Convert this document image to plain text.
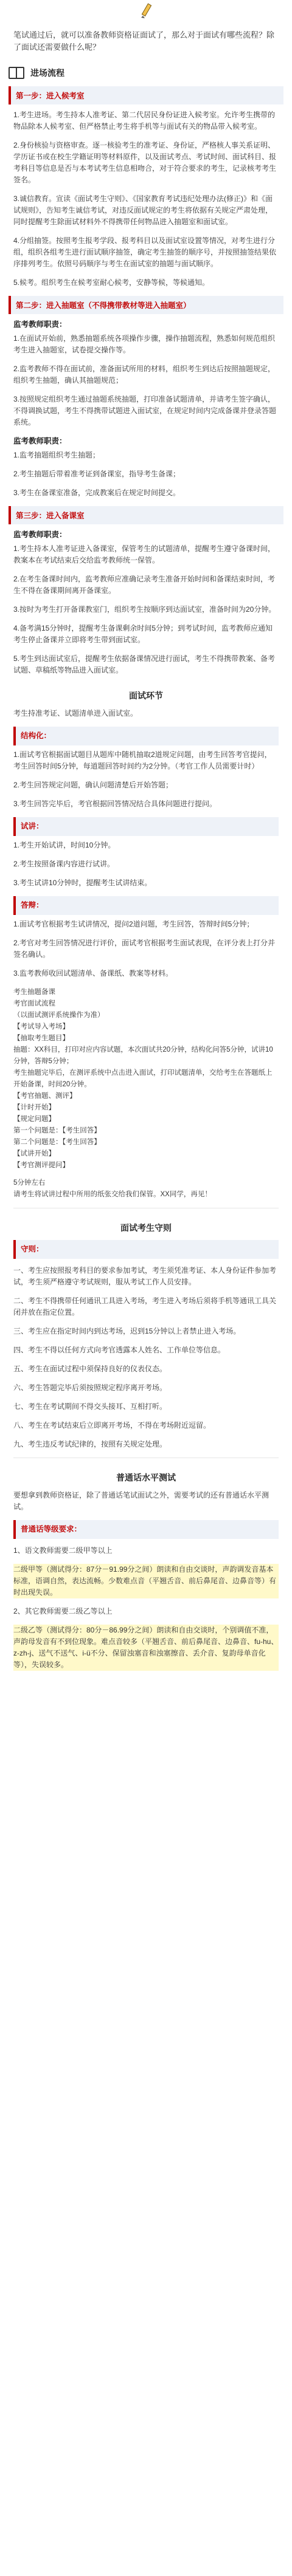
笔试通过后，就可以准备教师资格证面试了，那么对于面试有哪些流程？除了面试还需要做什么呢？
进场流程
第一步：进入候考室

1.考生进场。考生持本人准考证、第二代居民身份证进入候考室。允许考生携带的物品除本人候考室、但严格禁止考生将手机等与面试有关的物品带入候考室。

2.身份核验与资格审查。逐一核验考生的准考证、身份证，严格核人事关系证明、学历证书或在校生学籍证明等材料原件，以及面试考点、考试时间、面试科目、报考科目等信息是否与本考试考生信息相吻合，对于符合要求的考生，记录核考考生签名。

3.诚信教育。宣读《面试考生守则》、《国家教育考试违纪处理办法(修正)》和《面试规则》，告知考生诚信考试，对违反面试规定的考生将依据有关规定严肃处理，同时提醒考生除面试材料外不得携带任何物品进入抽题室和面试室。

4.分组抽签。按照考生报考学段、报考科目以及面试室设置等情况，对考生进行分组，组织各组考生进行面试顺序抽签，确定考生抽签的顺序号，并按照抽签结果依序排列考生。依照号码顺序与考生在面试室的抽题与面试顺序。

5.候考。组织考生在候考室耐心候考，安静等候，等候通知。

第二步：进入抽题室（不得携带教材等进入抽题室）
监考教师职责：

1.在面试开始前，熟悉抽题系统各项操作步骤，操作抽题流程，熟悉如何规范组织考生进入抽题室，试卷提交操作等。

2.监考教师不得在面试前，准备面试所用的材料，组织考生到达后按照抽题规定，组织考生抽题，确认其抽题规范；

3.按照规定组织考生通过抽题系统抽题，打印准备试题清单，并请考生签字确认，不得调换试题，考生不得携带试题进入面试室，在规定时间内完成备课并登录答题系统。

监考教师职责：

1.监考抽题组织考生抽题；

2.考生抽题后带着准考证到备课室，指导考生备课；

3.考生在备课室准备，完成教案后在规定时间提交。

第三步：进入备课室
监考教师职责：

1.考生持本人准考证进入备课室，保管考生的试题清单，提醒考生遵守备课时间，教案本在考试结束后交给监考教师统一保管。

2.在考生备课时间内，监考教师应准确记录考生准备开始时间和备课结束时间，考生不得在备课期间离开备课室。

3.按时为考生打开备课教室门，组织考生按顺序到达面试室，准备时间为20分钟。

4.备考满15分钟时，提醒考生备课剩余时间5分钟；到考试时间，监考教师应通知考生停止备课并立即将考生带到面试室。

5.考生到达面试室后，提醒考生依据备课情况进行面试，考生不得携带教案、备考试题、草稿纸等物品进入面试室。

面试环节

考生持准考证、试题清单进入面试室。

结构化：

1.面试考官根据面试题目从题库中随机抽取2道规定问题，由考生回答考官提问，考生回答时间5分钟，每道题回答时间约为2分钟。（考官工作人员需要计时）

2.考生回答规定问题，确认问题清楚后开始答题；

3.考生回答完毕后，考官根据回答情况结合具体问题进行提问。

试讲：

1.考生开始试讲，时间10分钟。

2.考生按照备课内容进行试讲。

3.考生试讲10分钟时，提醒考生试讲结束。

答辩：

1.面试考官根据考生试讲情况，提问2道问题，考生回答，答辩时间5分钟；

2.考官对考生回答情况进行评价，面试考官根据考生面试表现，在评分表上打分并签名确认。

3.监考教师收回试题清单、备课纸、教案等材料。

考生抽题备课
考官面试流程
（以面试测评系统操作为准）
【考试导入考场】
【抽取考生题目】
抽题：XX科目，打印对应内容试题，本次面试共20分钟，结构化问答5分钟，试讲10分钟，答辩5分钟；
考生抽题完毕后，在测评系统中点击进入面试，打印试题清单，交给考生在答题纸上开始备课，时间20分钟。
【考官抽题、测评】
【计时开始】
【规定问题】
第一个问题是：【考生回答】
第二个问题是：【考生回答】
【试讲开始】
【考官测评提问】
5分钟左右
请考生将试讲过程中所用的纸张交给我们保管。XX同学，再见！
面试考生守则
守则：

一、考生应按照报考科目的要求参加考试，考生须凭准考证、本人身份证件参加考试，考生须严格遵守考试规则，服从考试工作人员安排。

二、考生不得携带任何通讯工具进入考场，考生进入考场后须将手机等通讯工具关闭并放在指定位置。

三、考生应在指定时间内到达考场，迟到15分钟以上者禁止进入考场。

四、考生不得以任何方式向考官透露本人姓名、工作单位等信息。

五、考生在面试过程中须保持良好的仪表仪态。

六、考生答题完毕后须按照规定程序离开考场。

七、考生在考试期间不得交头接耳、互相打听。

八、考生在考试结束后立即离开考场，不得在考场附近逗留。

九、考生违反考试纪律的，按照有关规定处理。

普通话水平测试

要想拿到教师资格证，除了普通话笔试面试之外，需要考试的还有普通话水平测试。

普通话等级要求：

1、语文教师需要二级甲等以上

二级甲等（测试得分：87分－91.99分之间）朗读和自由交谈时，声韵调发音基本标准，语调自然，表达流畅。少数难点音（平翘舌音、前后鼻尾音、边鼻音等）有时出现失误。

2、其它教师需要二级乙等以上

二级乙等（测试得分：80分－86.99分之间）朗读和自由交谈时，个别调值不准，声韵母发音有不到位现象。难点音较多（平翘舌音、前后鼻尾音、边鼻音、fu-hu、z-zh-j、送气不送气、i-ü不分、保留浊塞音和浊塞擦音、丢介音、复韵母单音化等），失误较多。
